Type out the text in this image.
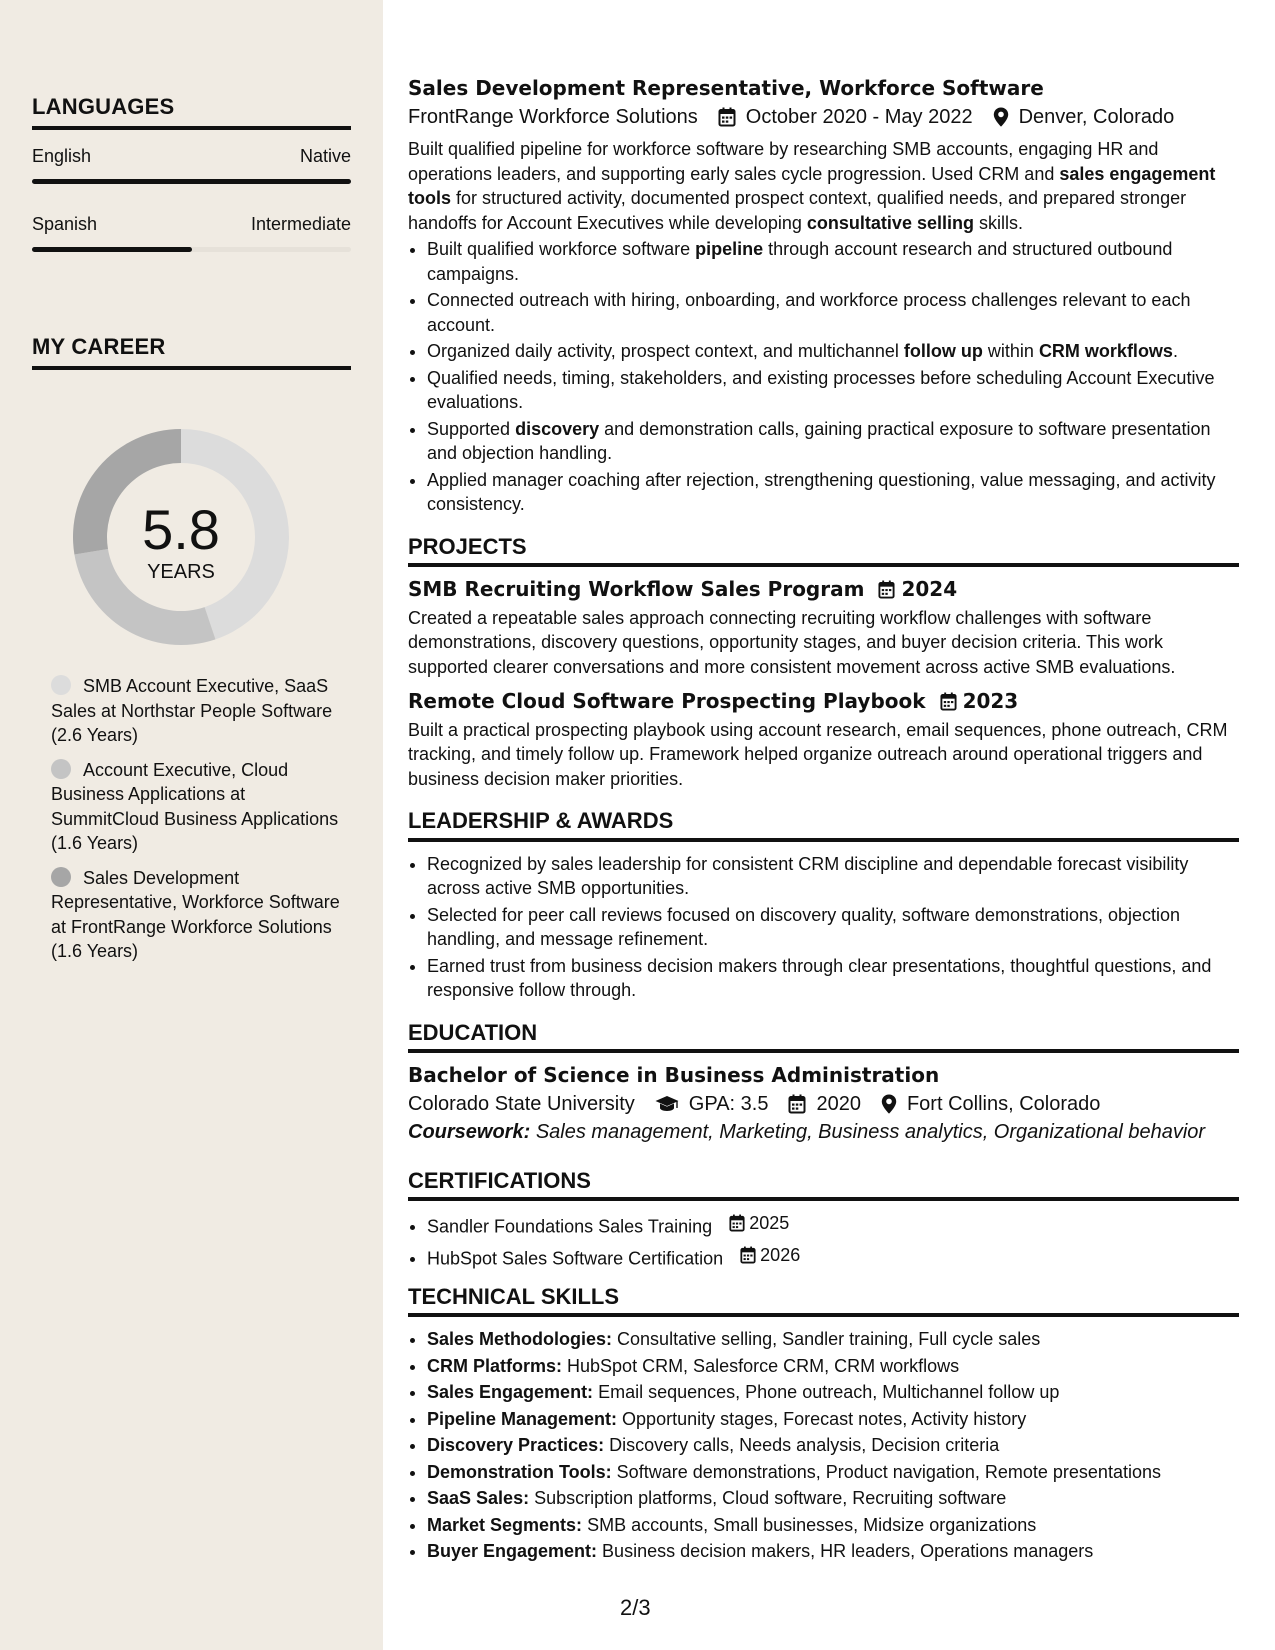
LANGUAGES
English	Native
Spanish	Intermediate
MY CAREER
5.8
YEARS
SMB Account Executive, SaaS Sales at Northstar People Software (2.6 Years)
Account Executive, Cloud Business Applications at SummitCloud Business Applications (1.6 Years)
Sales Development Representative, Workforce Software at FrontRange Workforce Solutions (1.6 Years)
Sales Development Representative, Workforce Software
FrontRange Workforce Solutions October 2020 - May 2022 Denver, Colorado

Built qualified pipeline for workforce software by researching SMB accounts, engaging HR and operations leaders, and supporting early sales cycle progression. Used CRM and sales engagement tools for structured activity, documented prospect context, qualified needs, and prepared stronger handoffs for Account Executives while developing consultative selling skills.

• Built qualified workforce software pipeline through account research and structured outbound campaigns.
• Connected outreach with hiring, onboarding, and workforce process challenges relevant to each account.
• Organized daily activity, prospect context, and multichannel follow up within CRM workflows.
• Qualified needs, timing, stakeholders, and existing processes before scheduling Account Executive evaluations.
• Supported discovery and demonstration calls, gaining practical exposure to software presentation and objection handling.
• Applied manager coaching after rejection, strengthening questioning, value messaging, and activity consistency.
PROJECTS
SMB Recruiting Workflow Sales Program 2024

Created a repeatable sales approach connecting recruiting workflow challenges with software demonstrations, discovery questions, opportunity stages, and buyer decision criteria. This work supported clearer conversations and more consistent movement across active SMB evaluations.

Remote Cloud Software Prospecting Playbook 2023

Built a practical prospecting playbook using account research, email sequences, phone outreach, CRM tracking, and timely follow up. Framework helped organize outreach around operational triggers and business decision maker priorities.

LEADERSHIP & AWARDS
• Recognized by sales leadership for consistent CRM discipline and dependable forecast visibility across active SMB opportunities.
• Selected for peer call reviews focused on discovery quality, software demonstrations, objection handling, and message refinement.
• Earned trust from business decision makers through clear presentations, thoughtful questions, and responsive follow through.
EDUCATION
Bachelor of Science in Business Administration
Colorado State University	GPA: 3.5 2020 Fort Collins, Colorado
Coursework: Sales management, Marketing, Business analytics, Organizational behavior
CERTIFICATIONS
• Sandler Foundations Sales Training 2025
• HubSpot Sales Software Certification 2026
TECHNICAL SKILLS
• Sales Methodologies: Consultative selling, Sandler training, Full cycle sales
• CRM Platforms: HubSpot CRM, Salesforce CRM, CRM workflows
• Sales Engagement: Email sequences, Phone outreach, Multichannel follow up
• Pipeline Management: Opportunity stages, Forecast notes, Activity history
• Discovery Practices: Discovery calls, Needs analysis, Decision criteria
• Demonstration Tools: Software demonstrations, Product navigation, Remote presentations
• SaaS Sales: Subscription platforms, Cloud software, Recruiting software
• Market Segments: SMB accounts, Small businesses, Midsize organizations
• Buyer Engagement: Business decision makers, HR leaders, Operations managers
2/3
